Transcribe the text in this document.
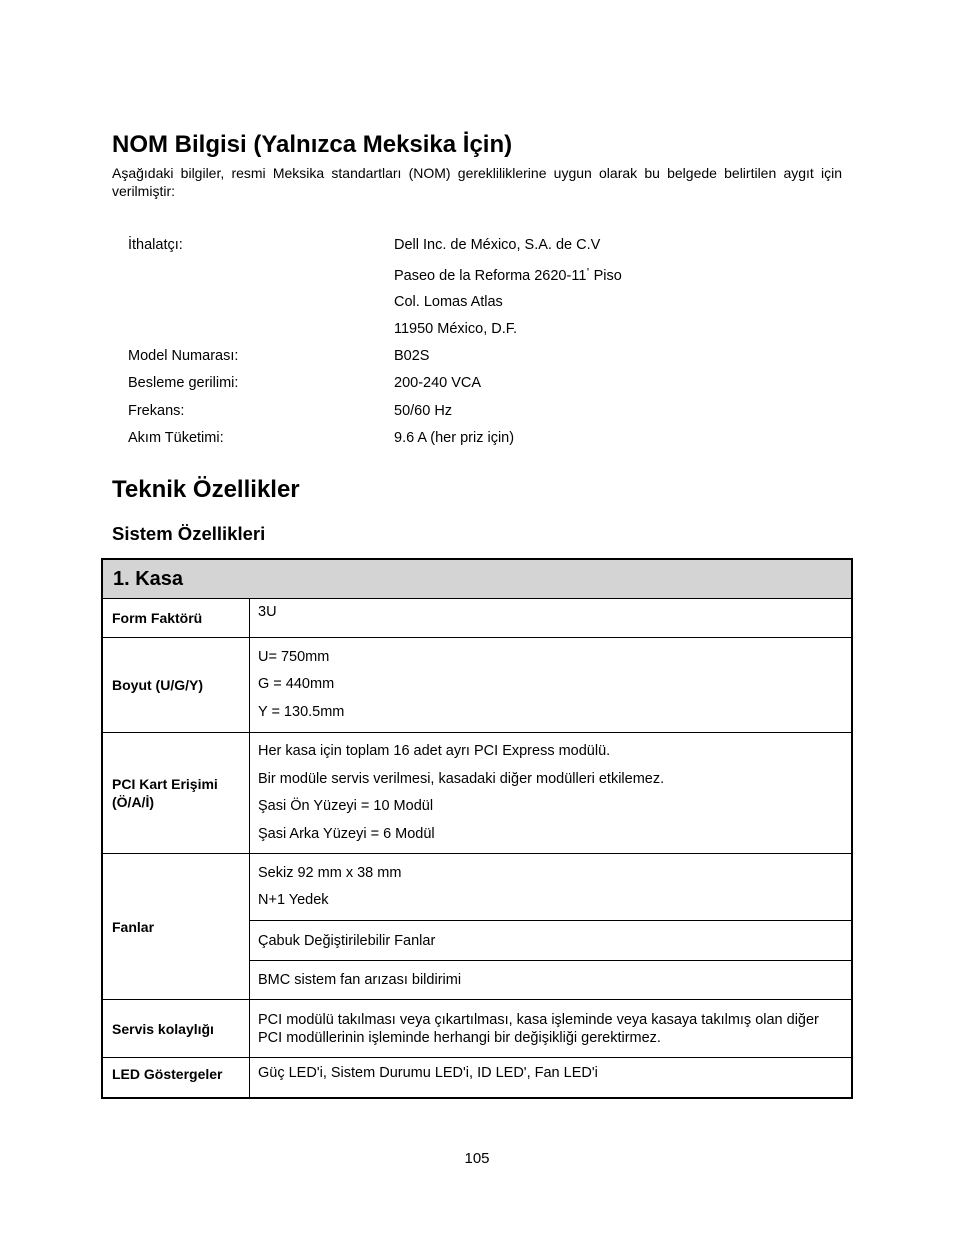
NOM Bilgisi (Yalnızca Meksika İçin)

Aşağıdaki bilgiler, resmi Meksika standartları (NOM) gerekliliklerine uygun olarak bu belgede belirtilen aygıt için verilmiştir:

İthalatçı:	Dell Inc. de México, S.A. de C.V
Paseo de la Reforma 2620-11° Piso
Col. Lomas Atlas
11950 México, D.F.
Model Numarası:	B02S
Besleme gerilimi:	200-240 VCA
Frekans:	50/60 Hz
Akım Tüketimi:	9.6 A (her priz için)
Teknik Özellikler
Sistem Özellikleri
1. Kasa	
Form Faktörü	3U
Boyut (U/G/Y)	U= 750mm
G = 440mm
Y = 130.5mm

PCI Kart Erişimi (Ö/A/İ)	Her kasa için toplam 16 adet ayrı PCI Express modülü.
Bir modüle servis verilmesi, kasadaki diğer modülleri etkilemez.
Şasi Ön Yüzeyi = 10 Modül
Şasi Arka Yüzeyi = 6 Modül

Fanlar	Sekiz 92 mm x 38 mm
N+1 Yedek

	Çabuk Değiştirilebilir Fanlar
	BMC sistem fan arızası bildirimi
Servis kolaylığı	PCI modülü takılması veya çıkartılması, kasa işleminde veya kasaya takılmış olan diğer PCI modüllerinin işleminde herhangi bir değişikliği gerektirmez.

LED Göstergeler	Güç LED'i, Sistem Durumu LED'i, ID LED', Fan LED'i
105
